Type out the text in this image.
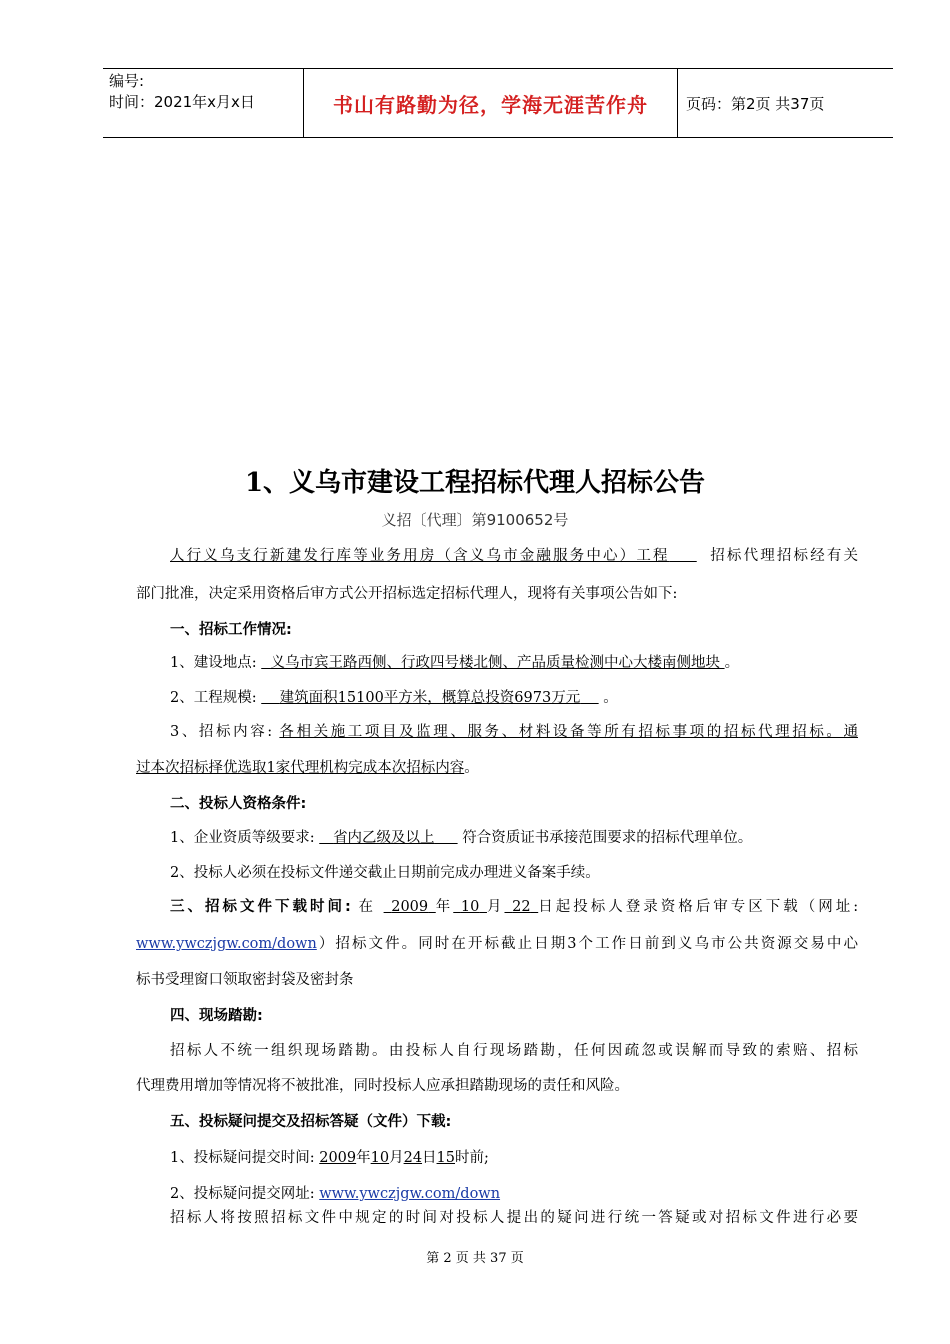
编号:
时间：2021年x月x日	书山有路勤为径，学海无涯苦作舟	页码：第2页 共37页
1、义乌市建设工程招标代理人招标公告
义招〔代理〕第9100652号
人行义乌支行新建发行库等业务用房（含义乌市金融服务中心）工程	招标代理招标经有关
部门批准，决定采用资格后审方式公开招标选定招标代理人，现将有关事项公告如下:
一、招标工作情况:
1、建设地点: 义乌市宾王路西侧、行政四号楼北侧、产品质量检测中心大楼南侧地块 。
2、工程规模: 建筑面积15100平方米，概算总投资6973万元 。
3、招标内容: 各相关施工项目及监理、服务、材料设备等所有招标事项的招标代理招标。通
过本次招标择优选取1家代理机构完成本次招标内容。
二、投标人资格条件:
1、企业资质等级要求: 省内乙级及以上 符合资质证书承接范围要求的招标代理单位。
2、投标人必须在投标文件递交截止日期前完成办理进义备案手续。
三、招标文件下载时间: 在 2009 年 10 月 22 日起投标人登录资格后审专区下载（网址:
www.ywczjgw.com/down）招标文件。同时在开标截止日期3个工作日前到义乌市公共资源交易中心
标书受理窗口领取密封袋及密封条
四、现场踏勘:
招标人不统一组织现场踏勘。由投标人自行现场踏勘，任何因疏忽或误解而导致的索赔、招标
代理费用增加等情况将不被批准，同时投标人应承担踏勘现场的责任和风险。
五、投标疑问提交及招标答疑（文件）下载:
1、投标疑问提交时间: 2009年10月24日15时前;
2、投标疑问提交网址: www.ywczjgw.com/down
招标人将按照招标文件中规定的时间对投标人提出的疑问进行统一答疑或对招标文件进行必要
第 2 页 共 37 页
